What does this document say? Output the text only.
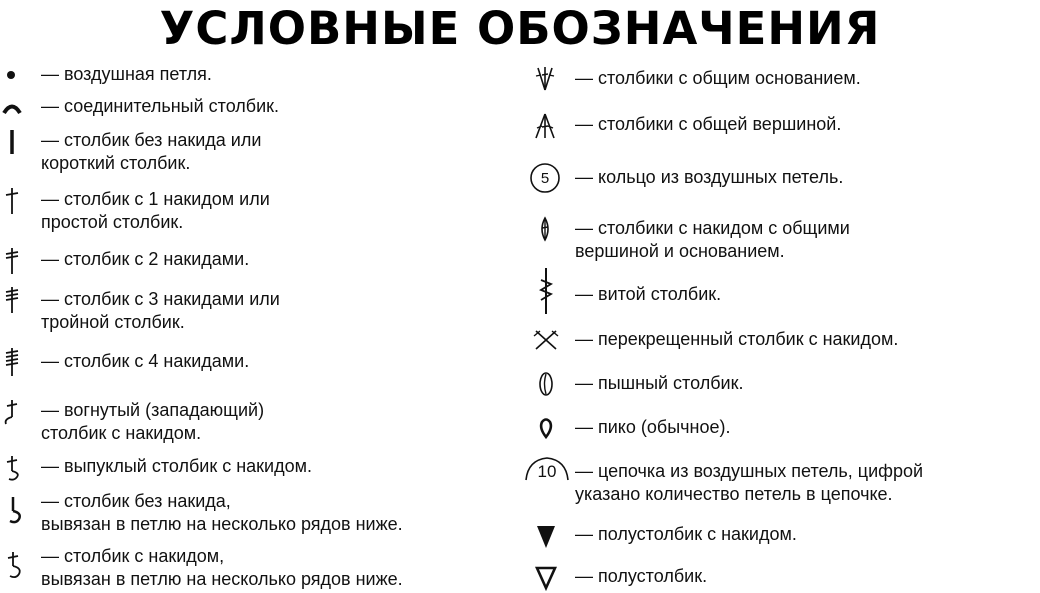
УСЛОВНЫЕ ОБОЗНАЧЕНИЯ
— воздушная петля.
— соединительный столбик.
— столбик без накида или
короткий столбик.
— столбик с 1 накидом или
простой столбик.
— столбик с 2 накидами.
— столбик с 3 накидами или
тройной столбик.
— столбик с 4 накидами.
— вогнутый (западающий)
столбик с накидом.
— выпуклый столбик с накидом.
— столбик без накида,
вывязан в петлю на несколько рядов ниже.
— столбик с накидом,
вывязан в петлю на несколько рядов ниже.
— столбики с общим основанием.
— столбики с общей вершиной.
5 — кольцо из воздушных петель.
— столбики с накидом с общими
вершиной и основанием.
— витой столбик.
— перекрещенный столбик с накидом.
— пышный столбик.
— пико (обычное).
10 — цепочка из воздушных петель, цифрой
указано количество петель в цепочке.
— полустолбик с накидом.
— полустолбик.
